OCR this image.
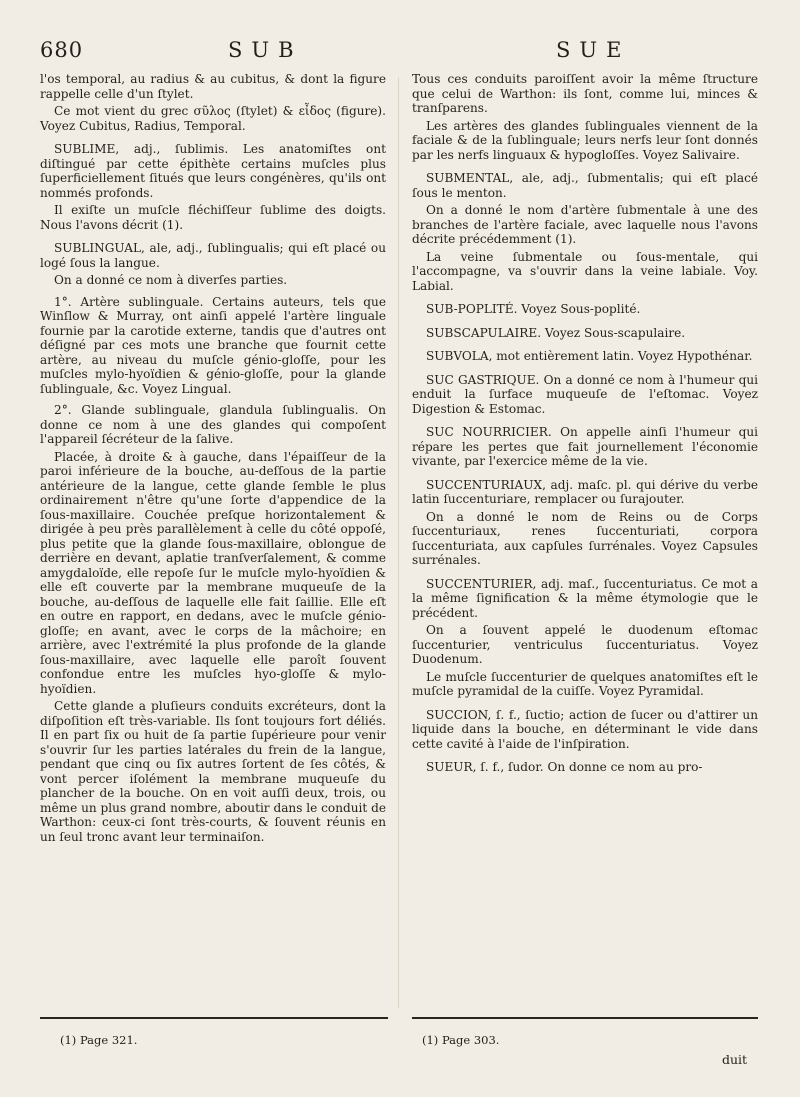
680	SUB	SUE

l'os temporal, au radius & au cubitus, & dont la figure rappelle celle d'un ſtylet.

Ce mot vient du grec σῦλος (ſtylet) & εἶδος (figure). Voyez Cubitus, Radius, Temporal.

SUBLIME, adj., ſublimis. Les anatomiſtes ont diſtingué par cette épithète certains muſcles plus ſuperficiellement ſitués que leurs congénères, qu'ils ont nommés profonds.

Il exiſte un muſcle fléchiſſeur ſublime des doigts. Nous l'avons décrit (1).

SUBLINGUAL, ale, adj., ſublingualis; qui eſt placé ou logé ſous la langue.

On a donné ce nom à diverſes parties.

1°. Artère sublinguale. Certains auteurs, tels que Winſlow & Murray, ont ainſi appelé l'artère linguale fournie par la carotide externe, tandis que d'autres ont déſigné par ces mots une branche que fournit cette artère, au niveau du muſcle génio-gloſſe, pour les muſcles mylo-hyoïdien & génio-gloſſe, pour la glande ſublinguale, &c. Voyez Lingual.

2°. Glande sublinguale, glandula ſublingualis. On donne ce nom à une des glandes qui compoſent l'appareil ſécréteur de la ſalive.

Placée, à droite & à gauche, dans l'épaiſſeur de la paroi inférieure de la bouche, au-deſſous de la partie antérieure de la langue, cette glande ſemble le plus ordinairement n'être qu'une ſorte d'appendice de la ſous-maxillaire. Couchée preſque horizontalement & dirigée à peu près parallèlement à celle du côté oppoſé, plus petite que la glande ſous-maxillaire, oblongue de derrière en devant, aplatie tranſverſalement, & comme amygdaloïde, elle repoſe ſur le muſcle mylo-hyoïdien & elle eſt couverte par la membrane muqueuſe de la bouche, au-deſſous de laquelle elle fait ſaillie. Elle eſt en outre en rapport, en dedans, avec le muſcle génio-gloſſe; en avant, avec le corps de la mâchoire; en arrière, avec l'extrémité la plus profonde de la glande ſous-maxillaire, avec laquelle elle paroît ſouvent confondue entre les muſcles hyo-gloſſe & mylo-hyoïdien.

Cette glande a pluſieurs conduits excréteurs, dont la diſpoſition eſt très-variable. Ils ſont toujours fort déliés. Il en part ſix ou huit de ſa partie ſupérieure pour venir s'ouvrir ſur les parties latérales du frein de la langue, pendant que cinq ou ſix autres ſortent de ſes côtés, & vont percer iſolément la membrane muqueuſe du plancher de la bouche. On en voit auſſi deux, trois, ou même un plus grand nombre, aboutir dans le conduit de Warthon: ceux-ci ſont très-courts, & ſouvent réunis en un ſeul tronc avant leur terminaiſon.

Tous ces conduits paroiſſent avoir la même ſtructure que celui de Warthon: ils ſont, comme lui, minces & tranſparens.

Les artères des glandes ſublinguales viennent de la faciale & de la ſublinguale; leurs nerfs leur ſont donnés par les nerfs linguaux & hypogloſſes. Voyez Salivaire.

SUBMENTAL, ale, adj., ſubmentalis; qui eſt placé ſous le menton.

On a donné le nom d'artère ſubmentale à une des branches de l'artère faciale, avec laquelle nous l'avons décrite précédemment (1).

La veine ſubmentale ou ſous-mentale, qui l'accompagne, va s'ouvrir dans la veine labiale. Voy. Labial.

SUB-POPLITÉ. Voyez Sous-poplité.

SUBSCAPULAIRE. Voyez Sous-scapulaire.

SUBVOLA, mot entièrement latin. Voyez Hypothénar.

SUC GASTRIQUE. On a donné ce nom à l'humeur qui enduit la ſurface muqueuſe de l'eſtomac. Voyez Digestion & Estomac.

SUC NOURRICIER. On appelle ainſi l'humeur qui répare les pertes que fait journellement l'économie vivante, par l'exercice même de la vie.

SUCCENTURIAUX, adj. maſc. pl. qui dérive du verbe latin ſuccenturiare, remplacer ou ſurajouter.

On a donné le nom de Reins ou de Corps ſuccenturiaux, renes ſuccenturiati, corpora ſuccenturiata, aux capſules ſurrénales. Voyez Capsules surrénales.

SUCCENTURIER, adj. maſ., ſuccenturiatus. Ce mot a la même ſignification & la même étymologie que le précédent.

On a ſouvent appelé le duodenum eſtomac ſuccenturier, ventriculus ſuccenturiatus. Voyez Duodenum.

Le muſcle ſuccenturier de quelques anatomiſtes eſt le muſcle pyramidal de la cuiſſe. Voyez Pyramidal.

SUCCION, ſ. f., ſuctio; action de ſucer ou d'attirer un liquide dans la bouche, en déterminant le vide dans cette cavité à l'aide de l'inſpiration.

SUEUR, ſ. f., ſudor. On donne ce nom au pro-

(1) Page 321.	(1) Page 303.
duit
